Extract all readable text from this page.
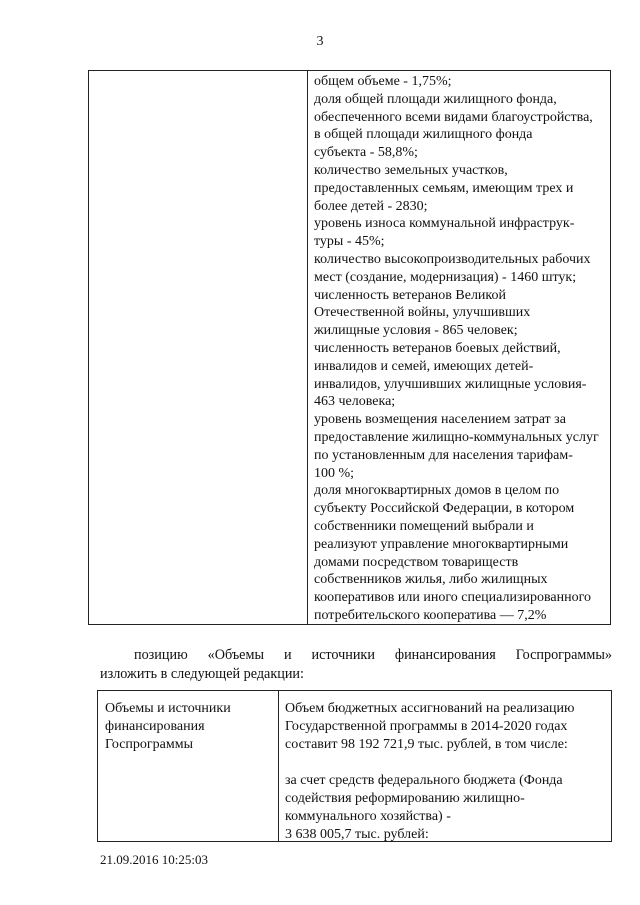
3
общем объеме - 1,75%;
доля общей площади жилищного фонда,
обеспеченного всеми видами благоустройства,
в общей площади жилищного фонда
субъекта - 58,8%;
количество земельных участков,
предоставленных семьям, имеющим трех и
более детей - 2830;
уровень износа коммунальной инфраструк-
туры - 45%;
количество высокопроизводительных рабочих
мест (создание, модернизация) - 1460 штук;
численность ветеранов Великой
Отечественной войны, улучшивших
жилищные условия - 865 человек;
численность ветеранов боевых действий,
инвалидов и семей, имеющих детей-
инвалидов, улучшивших жилищные условия-
463 человека;
уровень возмещения населением затрат за
предоставление жилищно-коммунальных услуг
по установленным для населения тарифам-
100 %;
доля многоквартирных домов в целом по
субъекту Российской Федерации, в котором
собственники помещений выбрали и
реализуют управление многоквартирными
домами посредством товариществ
собственников жилья, либо жилищных
кооперативов или иного специализированного
потребительского кооператива — 7,2%
позицию «Объемы и источники финансирования Госпрограммы»
изложить в следующей редакции:
Объемы и источники
финансирования
Госпрограммы
Объем бюджетных ассигнований на реализацию
Государственной программы в 2014-2020 годах
составит 98 192 721,9 тыс. рублей, в том числе:
за счет средств федерального бюджета (Фонда
содействия реформированию жилищно-
коммунального хозяйства) -
3 638 005,7 тыс. рублей:
21.09.2016 10:25:03
